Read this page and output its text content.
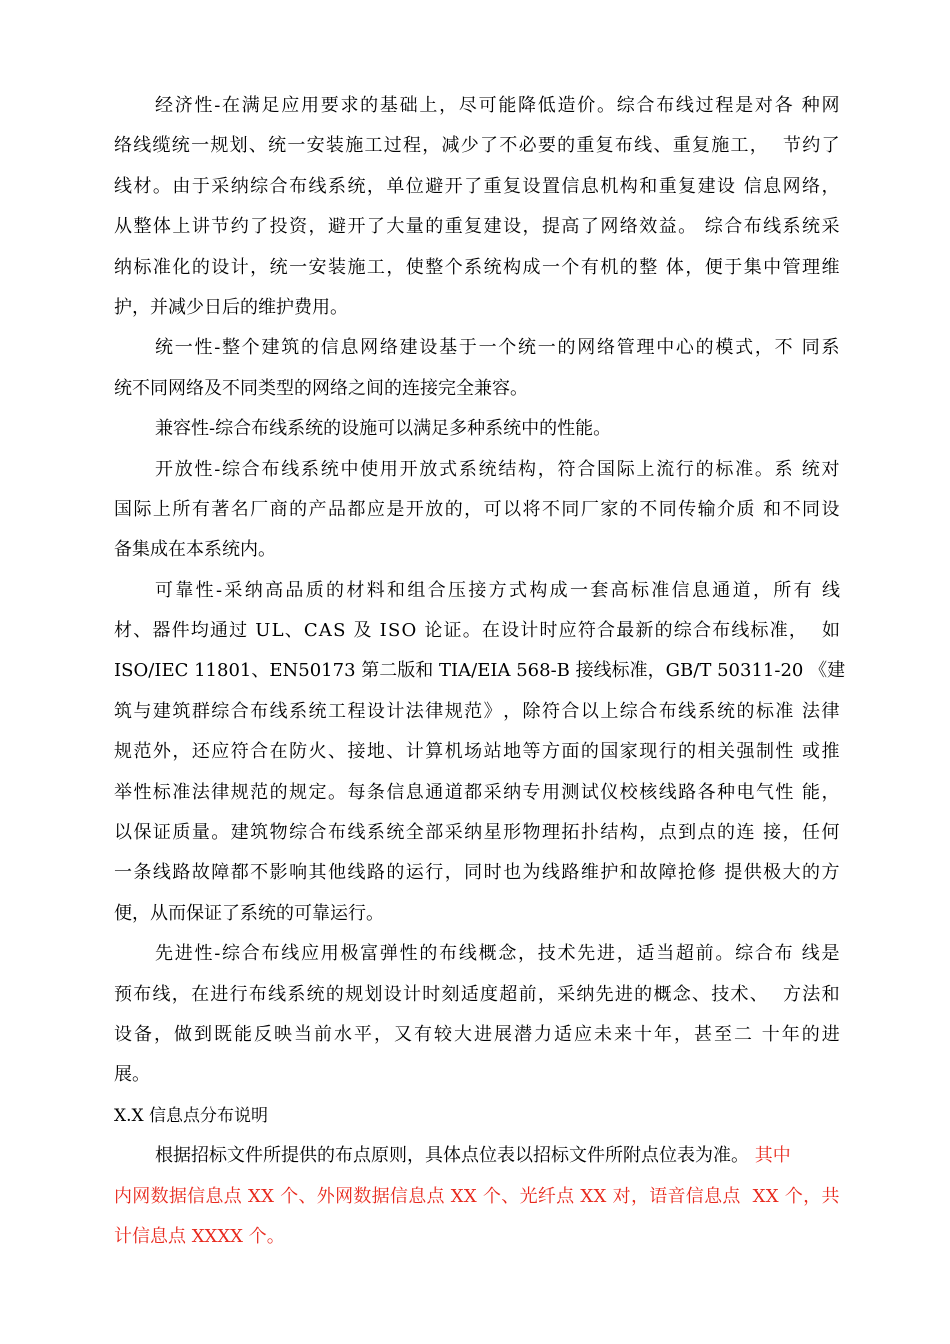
经 济 性 - 在 满 足 应 用 要 求 的 基 础 上 ， 尽 可 能 降 低 造 价 。 综 合 布 线 过 程 是 对 各
种 网
络 线 缆 统 一 规 划 、 统 一 安 装 施 工 过 程 ， 减 少 了 不 必 要 的 重 复 布 线 、 重 复 施 工 ，

节 约 了
线 材 。 由 于 采 纳 综 合 布 线 系 统 ， 单 位 避 开 了 重 复 设 置 信 息 机 构 和 重 复 建 设
信 息 网 络 ，
从 整 体 上 讲 节 约 了 投 资 ， 避 开 了 大 量 的 重 复 建 设 ， 提 高 了 网 络 效 益 。
综 合 布 线 系 统 采
纳 标 准 化 的 设 计 ， 统 一 安 装 施 工 ， 使 整 个 系 统 构 成 一 个 有 机 的 整
体 ， 便 于 集 中 管 理 维
护，并减少日后的维护费用。
统 一 性 - 整 个 建 筑 的 信 息 网 络 建 设 基 于 一 个 统 一 的 网 络 管 理 中 心 的 模 式 ， 不
同 系
统不同网络及不同类型的网络之间的连接完全兼容。
兼容性-综合布线系统的设施可以满足多种系统中的性能。
开 放 性 - 综 合 布 线 系 统 中 使 用 开 放 式 系 统 结 构 ， 符 合 国 际 上 流 行 的 标 准 。 系
统 对
国 际 上 所 有 著 名 厂 商 的 产 品 都 应 是 开 放 的 ， 可 以 将 不 同 厂 家 的 不 同 传 输 介 质
和 不 同 设
备集成在本系统内。
可 靠 性 - 采 纳 高 品 质 的 材 料 和 组 合 压 接 方 式 构 成 一 套 高 标 准 信 息 通 道 ， 所 有
线
材 、 器 件 均 通 过
U L 、 C A S
及
I S O
论 证 。 在 设 计 时 应 符 合 最 新 的 综 合 布 线 标 准 ，

如
I S O / I E C
1 1 8 0 1 、 E N 5 0 1 7 3
第 二 版 和
T I A / E I A
5 6 8 - B
接 线 标 准 ， G B / T
5 0 3 1 1 - 2 0
《 建
筑 与 建 筑 群 综 合 布 线 系 统 工 程 设 计 法 律 规 范 》 ， 除 符 合 以 上 综 合 布 线 系 统 的 标 准
法 律
规 范 外 ， 还 应 符 合 在 防 火 、 接 地 、 计 算 机 场 站 地 等 方 面 的 国 家 现 行 的 相 关 强 制 性
或 推
举 性 标 准 法 律 规 范 的 规 定 。 每 条 信 息 通 道 都 采 纳 专 用 测 试 仪 校 核 线 路 各 种 电 气 性
能 ，
以 保 证 质 量 。 建 筑 物 综 合 布 线 系 统 全 部 采 纳 星 形 物 理 拓 扑 结 构 ， 点 到 点 的 连
接 ， 任 何
一 条 线 路 故 障 都 不 影 响 其 他 线 路 的 运 行 ， 同 时 也 为 线 路 维 护 和 故 障 抢 修
提 供 极 大 的 方
便，从而保证了系统的可靠运行。
先 进 性 - 综 合 布 线 应 用 极 富 弹 性 的 布 线 概 念 ， 技 术 先 进 ， 适 当 超 前 。 综 合 布
线 是
预 布 线 ， 在 进 行 布 线 系 统 的 规 划 设 计 时 刻 适 度 超 前 ， 采 纳 先 进 的 概 念 、 技 术 、

方 法 和
设 备 ， 做 到 既 能 反 映 当 前 水 平 ， 又 有 较 大 进 展 潜 力 适 应 未 来 十 年 ， 甚 至 二
十 年 的 进
展。
X.X 信息点分布说明
根据招标文件所提供的布点原则，具体点位表以招标文件所附点位表为准。 其中
内 网 数 据 信 息 点
X X
个 、 外 网 数 据 信 息 点
X X
个 、 光 纤 点
X X
对 ， 语 音 信 息 点

X X
个 ， 共
计信息点 XXXX 个。
